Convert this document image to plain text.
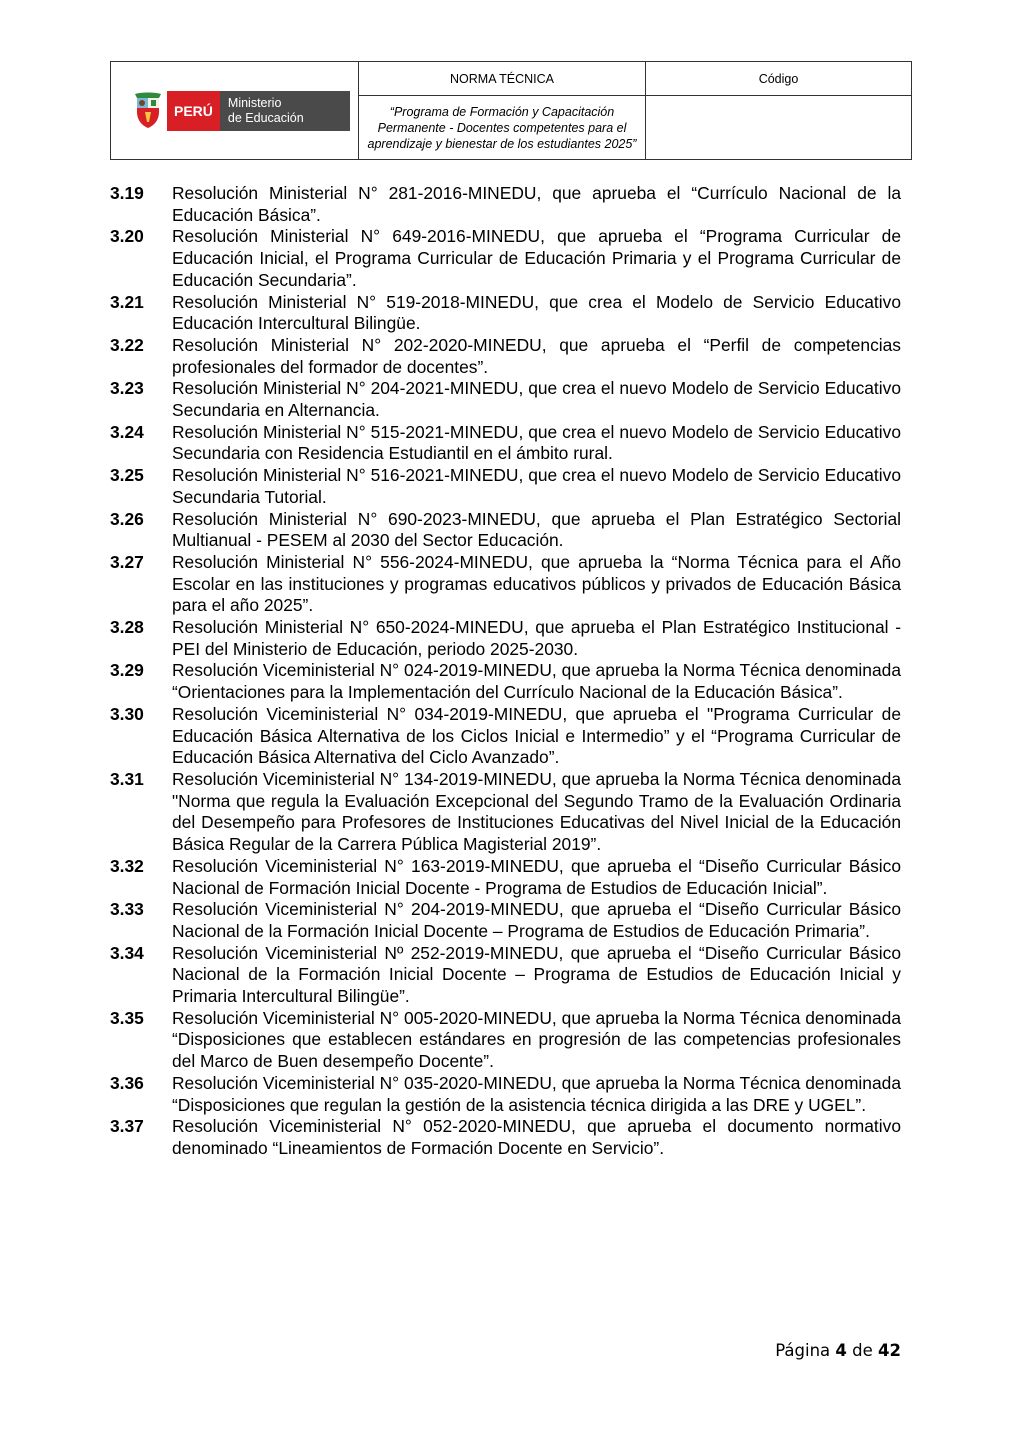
PERÚ Ministerio
de Educación	NORMA TÉCNICA	Código

	“Programa de Formación y Capacitación Permanente - Docentes competentes para el aprendizaje y bienestar de los estudiantes 2025”	

3.19	Resolución Ministerial N° 281-2016-MINEDU, que aprueba el “Currículo Nacional de la Educación Básica”.
3.20	Resolución Ministerial N° 649-2016-MINEDU, que aprueba el “Programa Curricular de Educación Inicial, el Programa Curricular de Educación Primaria y el Programa Curricular de Educación Secundaria”.
3.21	Resolución Ministerial N° 519-2018-MINEDU, que crea el Modelo de Servicio Educativo Educación Intercultural Bilingüe.
3.22	Resolución Ministerial N° 202-2020-MINEDU, que aprueba el “Perfil de competencias profesionales del formador de docentes”.
3.23	Resolución Ministerial N° 204-2021-MINEDU, que crea el nuevo Modelo de Servicio Educativo Secundaria en Alternancia.
3.24	Resolución Ministerial N° 515-2021-MINEDU, que crea el nuevo Modelo de Servicio Educativo Secundaria con Residencia Estudiantil en el ámbito rural.
3.25	Resolución Ministerial N° 516-2021-MINEDU, que crea el nuevo Modelo de Servicio Educativo Secundaria Tutorial.
3.26	Resolución Ministerial N° 690-2023-MINEDU, que aprueba el Plan Estratégico Sectorial Multianual - PESEM al 2030 del Sector Educación.
3.27	Resolución Ministerial N° 556-2024-MINEDU, que aprueba la “Norma Técnica para el Año Escolar en las instituciones y programas educativos públicos y privados de Educación Básica para el año 2025”.
3.28	Resolución Ministerial N° 650-2024-MINEDU, que aprueba el Plan Estratégico Institucional - PEI del Ministerio de Educación, periodo 2025-2030.
3.29	Resolución Viceministerial N° 024-2019-MINEDU, que aprueba la Norma Técnica denominada “Orientaciones para la Implementación del Currículo Nacional de la Educación Básica”.
3.30	Resolución Viceministerial N° 034-2019-MINEDU, que aprueba el "Programa Curricular de Educación Básica Alternativa de los Ciclos Inicial e Intermedio” y el “Programa Curricular de Educación Básica Alternativa del Ciclo Avanzado”.
3.31	Resolución Viceministerial N° 134-2019-MINEDU, que aprueba la Norma Técnica denominada "Norma que regula la Evaluación Excepcional del Segundo Tramo de la Evaluación Ordinaria del Desempeño para Profesores de Instituciones Educativas del Nivel Inicial de la Educación Básica Regular de la Carrera Pública Magisterial 2019”.
3.32	Resolución Viceministerial N° 163-2019-MINEDU, que aprueba el “Diseño Curricular Básico Nacional de Formación Inicial Docente - Programa de Estudios de Educación Inicial”.
3.33	Resolución Viceministerial N° 204-2019-MINEDU, que aprueba el “Diseño Curricular Básico Nacional de la Formación Inicial Docente – Programa de Estudios de Educación Primaria”.
3.34	Resolución Viceministerial Nº 252-2019-MINEDU, que aprueba el “Diseño Curricular Básico Nacional de la Formación Inicial Docente – Programa de Estudios de Educación Inicial y Primaria Intercultural Bilingüe”.
3.35	Resolución Viceministerial N° 005-2020-MINEDU, que aprueba la Norma Técnica denominada “Disposiciones que establecen estándares en progresión de las competencias profesionales del Marco de Buen desempeño Docente”.
3.36	Resolución Viceministerial N° 035-2020-MINEDU, que aprueba la Norma Técnica denominada “Disposiciones que regulan la gestión de la asistencia técnica dirigida a las DRE y UGEL”.
3.37	Resolución Viceministerial N° 052-2020-MINEDU, que aprueba el documento normativo denominado “Lineamientos de Formación Docente en Servicio”.
Página 4 de 42
